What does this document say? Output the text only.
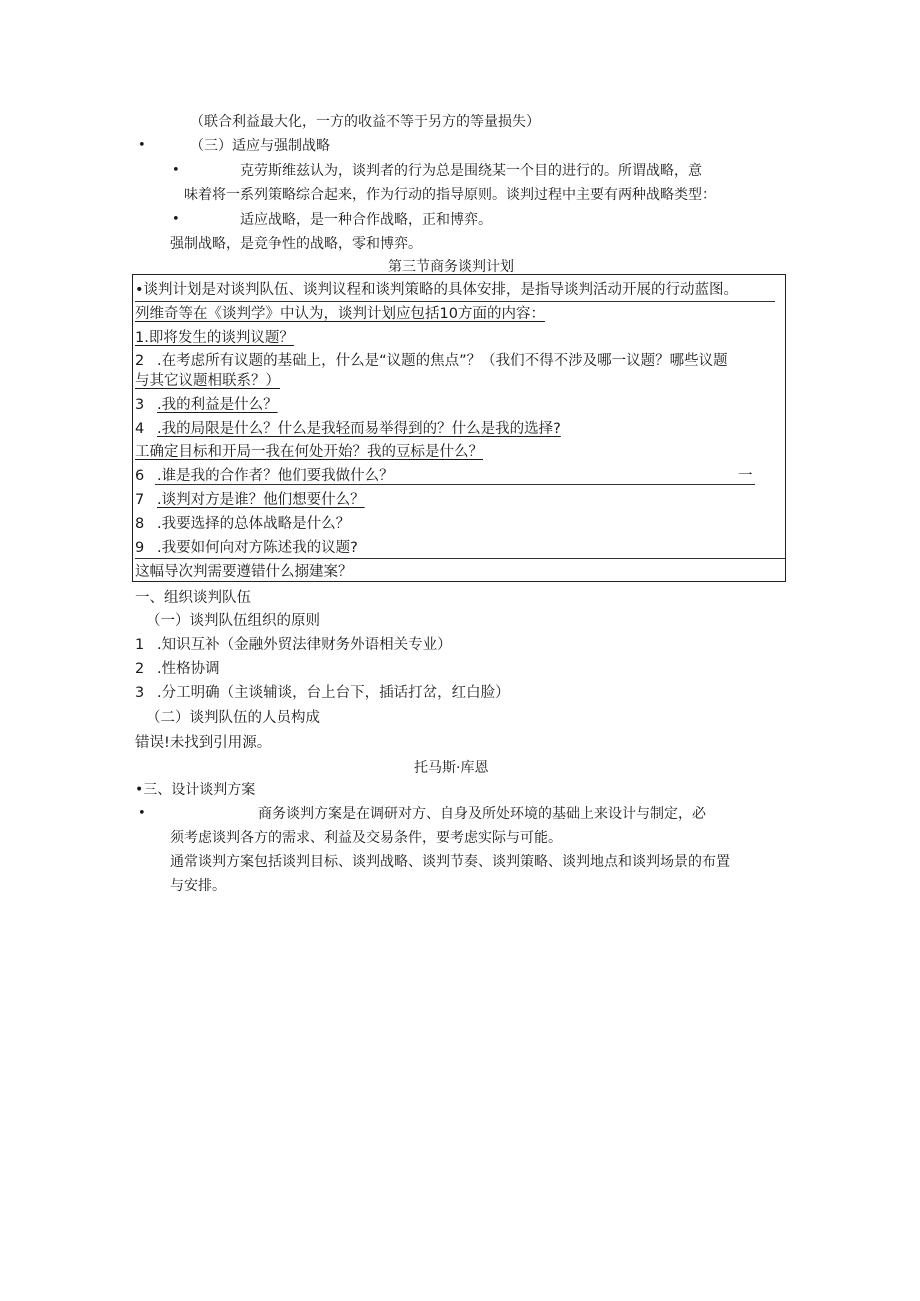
（联合利益最大化，一方的收益不等于另方的等量损失）
•	（三）适应与强制战略
•	克劳斯维兹认为，谈判者的行为总是围绕某一个目的进行的。所谓战略，意
味着将一系列策略综合起来，作为行动的指导原则。谈判过程中主要有两种战略类型：
•	适应战略，是一种合作战略，正和博弈。
强制战略，是竞争性的战略，零和博弈。
第三节商务谈判计划
•谈判计划是对谈判队伍、谈判议程和谈判策略的具体安排，是指导谈判活动开展的行动蓝图。
列维奇等在《谈判学》中认为，谈判计划应包括10方面的内容：
1.即将发生的谈判议题？
2 .在考虑所有议题的基础上，什么是“议题的焦点”？（我们不得不涉及哪一议题？哪些议题
与其它议题相联系？）
3 .我的利益是什么？
4 .我的局限是什么？什么是我轻而易举得到的？什么是我的选择?
工确定目标和开局一我在何处开始？我的豆标是什么？
6 .谁是我的合作者？他们要我做什么？	一
7 .谈判对方是谁？他们想要什么？
8 .我要选择的总体战略是什么？
9 .我要如何向对方陈述我的议题?
这幅导次判需要遵错什么搦建案？
一、组织谈判队伍
（一）谈判队伍组织的原则
1 .知识互补（金融外贸法律财务外语相关专业）
2 .性格协调
3 .分工明确（主谈辅谈，台上台下，插话打岔，红白脸）
（二）谈判队伍的人员构成
错误!未找到引用源。
托马斯·库恩
•三、设计谈判方案
•	商务谈判方案是在调研对方、自身及所处环境的基础上来设计与制定，必
须考虑谈判各方的需求、利益及交易条件，要考虑实际与可能。
通常谈判方案包括谈判目标、谈判战略、谈判节奏、谈判策略、谈判地点和谈判场景的布置
与安排。
